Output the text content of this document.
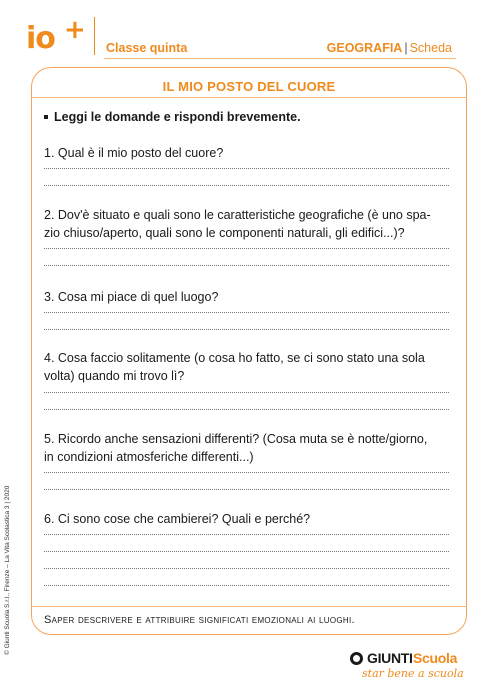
io +
Classe quinta	GEOGRAFIA | Scheda
IL MIO POSTO DEL CUORE
Leggi le domande e rispondi brevemente.
1. Qual è il mio posto del cuore?
2. Dov'è situato e quali sono le caratteristiche geografiche (è uno spa-
zio chiuso/aperto, quali sono le componenti naturali, gli edifici...)?
3. Cosa mi piace di quel luogo?
4. Cosa faccio solitamente (o cosa ho fatto, se ci sono stato una sola
volta) quando mi trovo lì?
5. Ricordo anche sensazioni differenti? (Cosa muta se è notte/giorno,
in condizioni atmosferiche differenti...)
6. Ci sono cose che cambierei? Quali e perché?
Saper descrivere e attribuire significati emozionali ai luoghi.
© Giunti Scuola S.r.l., Firenze – La Vita Scolastica 3 | 2020
GIUNTI Scuola
star bene a scuola
